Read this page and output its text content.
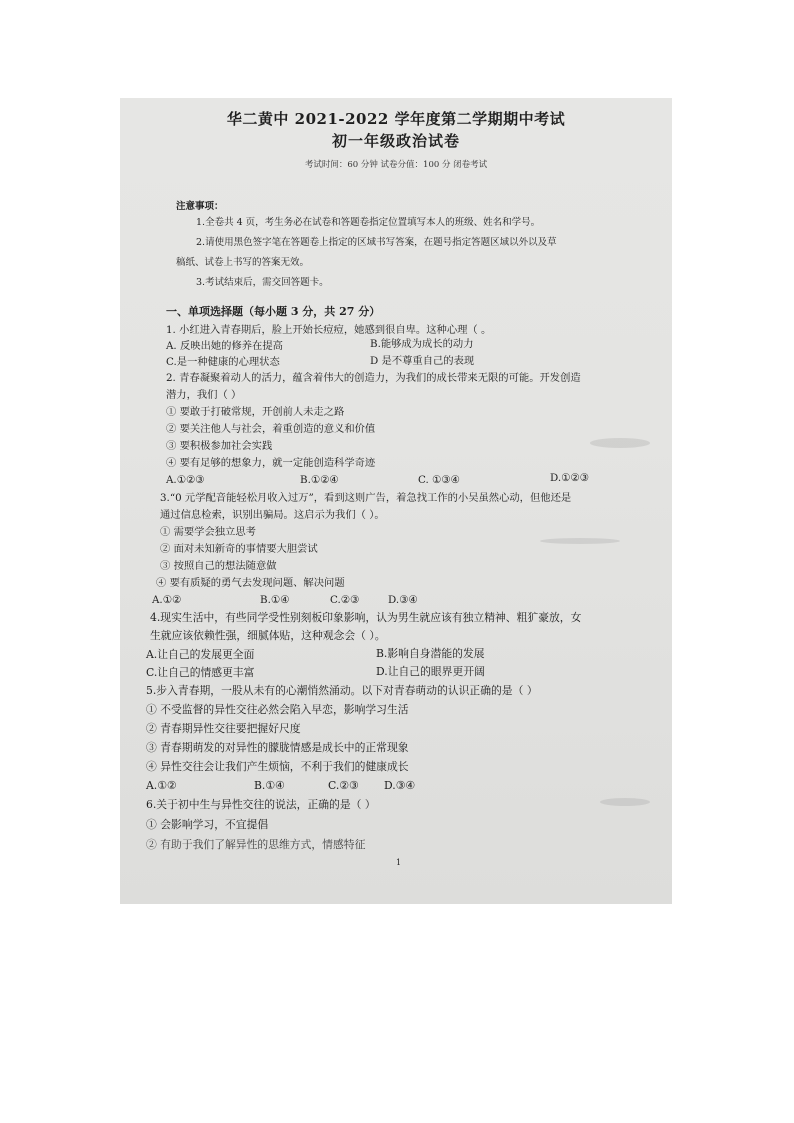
华二黄中 2021-2022 学年度第二学期期中考试
初一年级政治试卷
考试时间：60 分钟 试卷分值：100 分 闭卷考试
注意事项：
1.全卷共 4 页，考生务必在试卷和答题卷指定位置填写本人的班级、姓名和学号。
2.请使用黑色签字笔在答题卷上指定的区域书写答案，在题号指定答题区域以外以及草
稿纸、试卷上书写的答案无效。
3.考试结束后，需交回答题卡。
一、单项选择题（每小题 3 分，共 27 分）
1. 小红进入青春期后，脸上开始长痘痘，她感到很自卑。这种心理（ 。
A. 反映出她的修养在提高	B.能够成为成长的动力
C.是一种健康的心理状态	D 是不尊重自己的表现
2. 青春凝聚着动人的活力，蕴含着伟大的创造力，为我们的成长带来无限的可能。开发创造
潜力，我们（ ）
① 要敢于打破常规，开创前人未走之路
② 要关注他人与社会，着重创造的意义和价值
③ 要积极参加社会实践
④ 要有足够的想象力，就一定能创造科学奇迹
A.①②③	B.①②④	C. ①③④	D.①②③
3.“0 元学配音能轻松月收入过万”，看到这则广告，着急找工作的小吴虽然心动，但他还是
通过信息检索，识别出骗局。这启示为我们（ ）。
① 需要学会独立思考
② 面对未知新奇的事情要大胆尝试
③ 按照自己的想法随意做
④ 要有质疑的勇气去发现问题、解决问题
A.①②	B.①④	C.②③	D.③④
4.现实生活中，有些同学受性别刻板印象影响，认为男生就应该有独立精神、粗犷豪放，女
生就应该依赖性强，细腻体贴，这种观念会（ ）。
A.让自己的发展更全面	B.影响自身潜能的发展
C.让自己的情感更丰富	D.让自己的眼界更开阔
5.步入青春期，一股从未有的心潮悄然涌动。以下对青春萌动的认识正确的是（ ）
① 不受监督的异性交往必然会陷入早恋，影响学习生活
② 青春期异性交往要把握好尺度
③ 青春期萌发的对异性的朦胧情感是成长中的正常现象
④ 异性交往会让我们产生烦恼，不利于我们的健康成长
A.①②	B.①④	C.②③ D.③④
6.关于初中生与异性交往的说法，正确的是（ ）
① 会影响学习，不宜提倡
② 有助于我们了解异性的思维方式，情感特征
1
